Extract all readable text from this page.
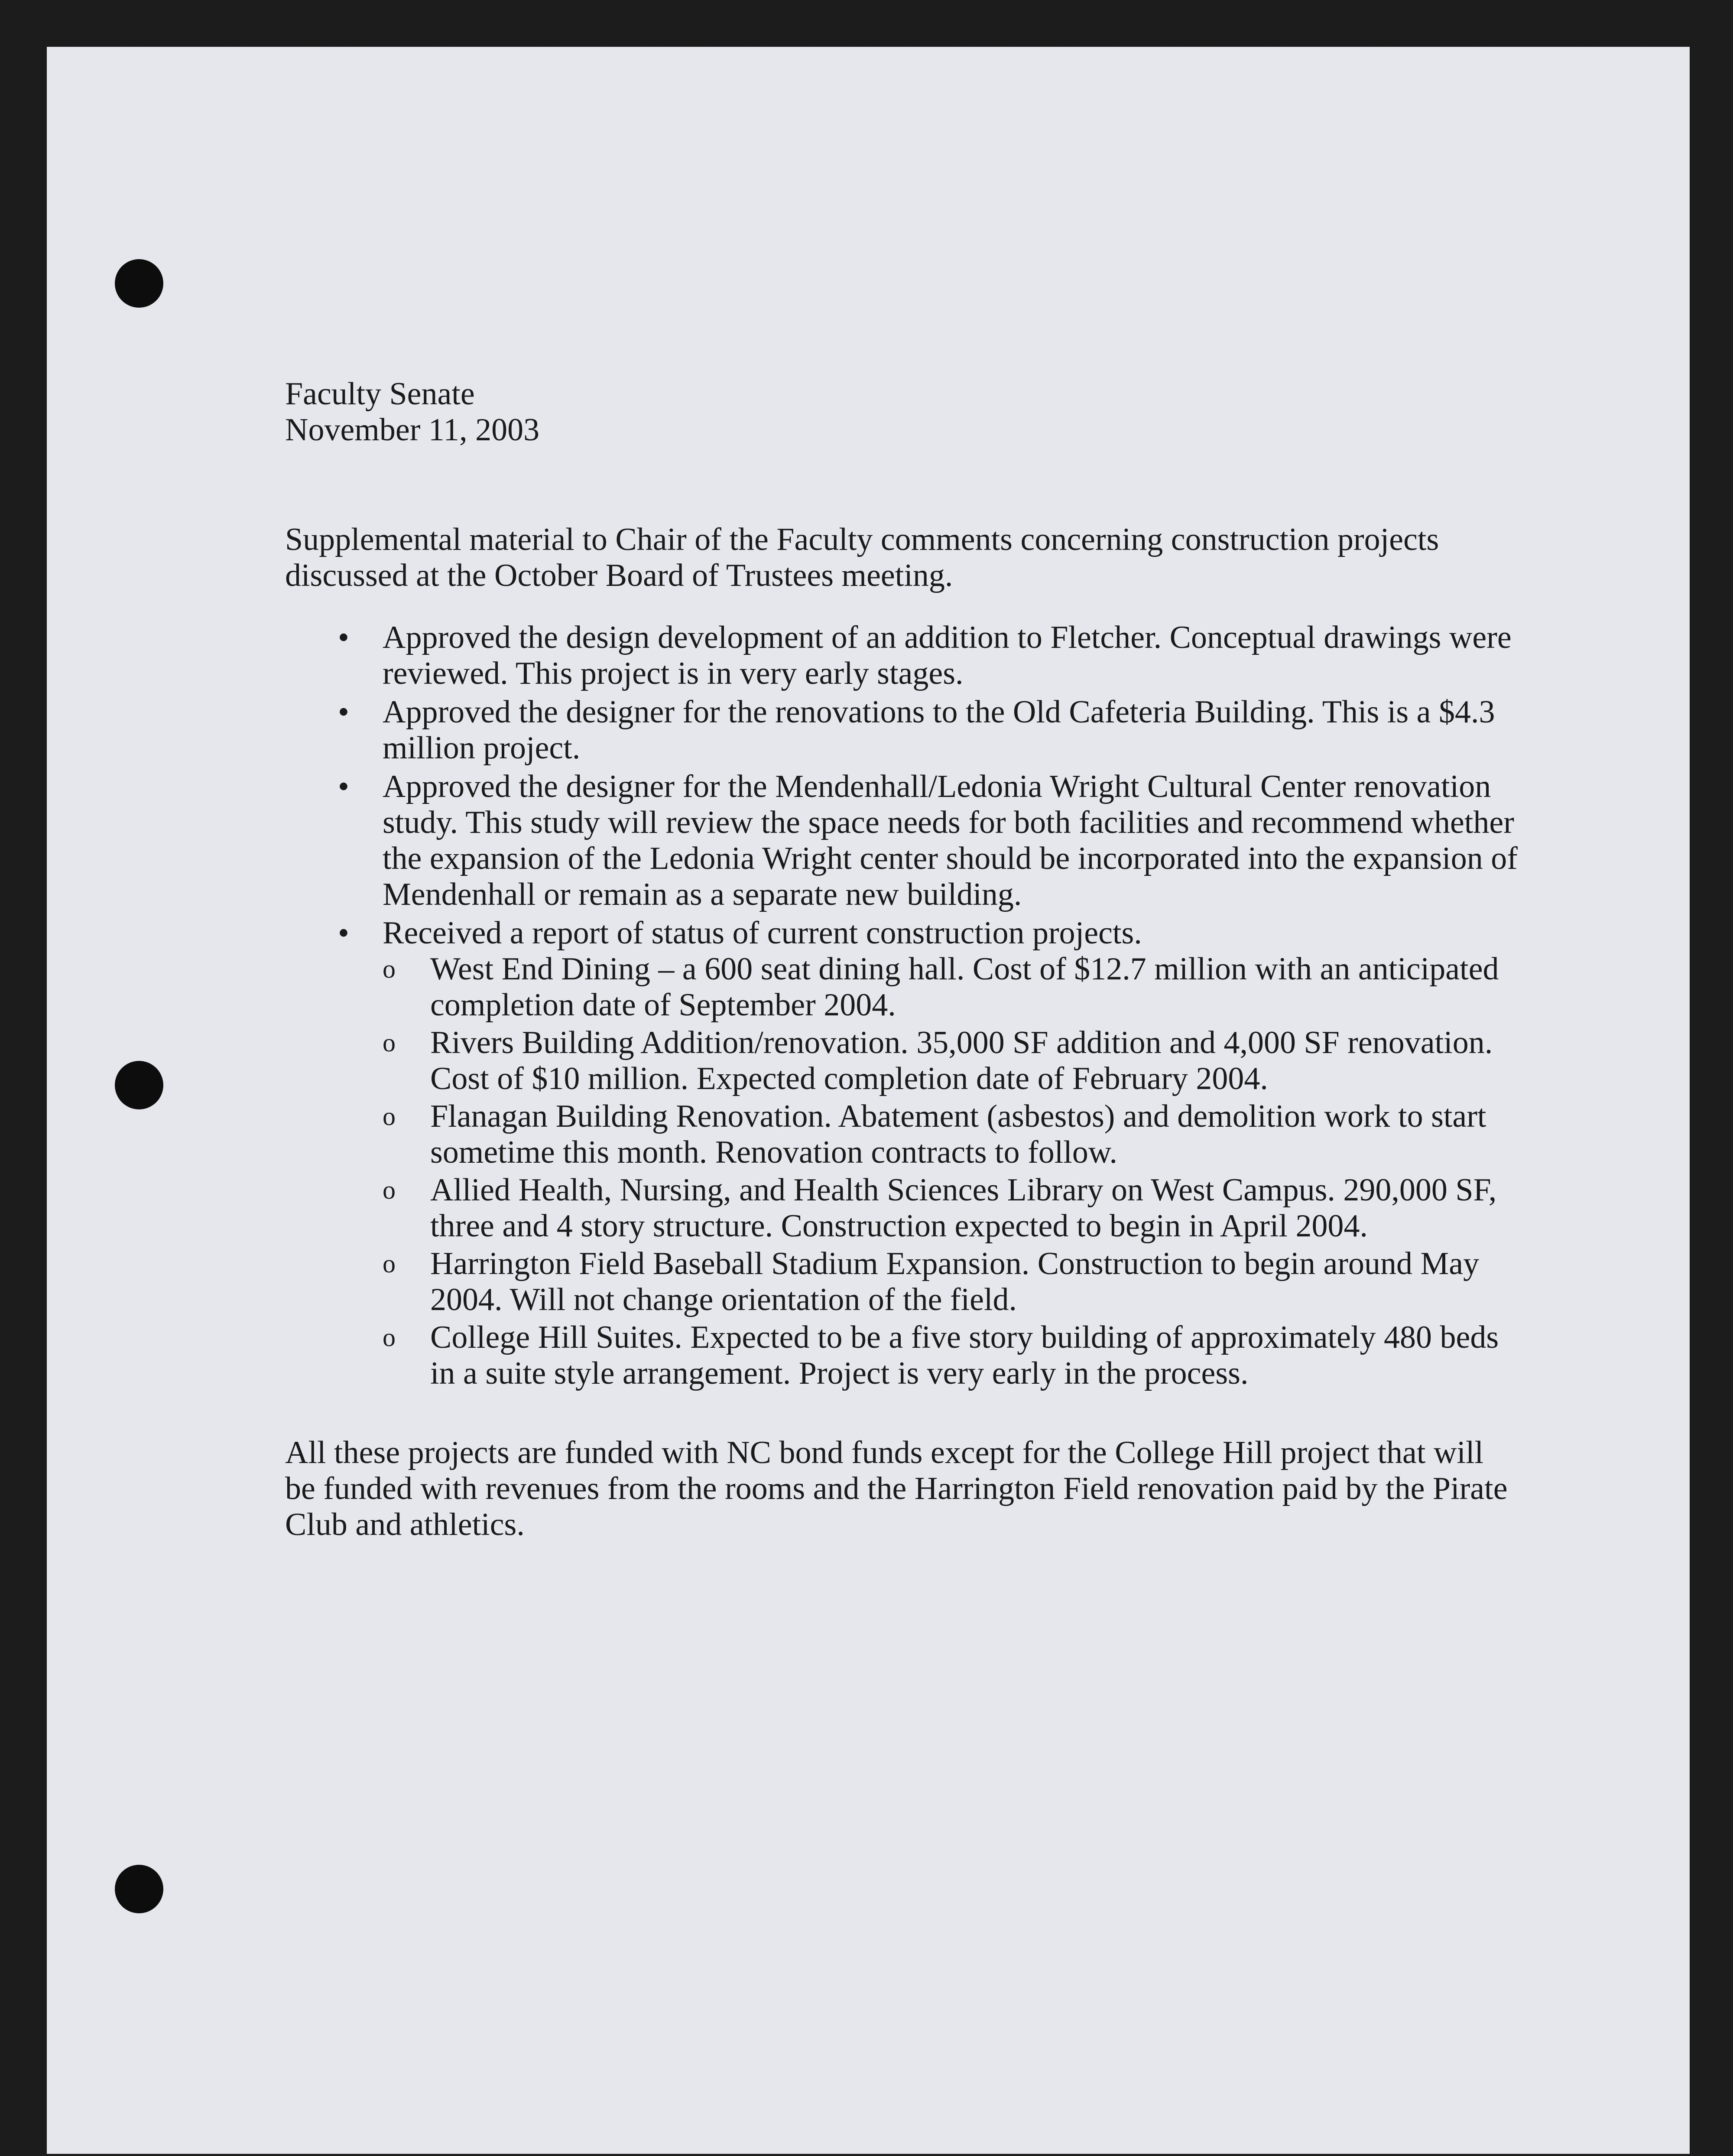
Faculty Senate
November 11, 2003

Supplemental material to Chair of the Faculty comments concerning construction projects discussed at the October Board of Trustees meeting.

• Approved the design development of an addition to Fletcher. Conceptual drawings were reviewed. This project is in very early stages.
• Approved the designer for the renovations to the Old Cafeteria Building. This is a $4.3 million project.
• Approved the designer for the Mendenhall/Ledonia Wright Cultural Center renovation study. This study will review the space needs for both facilities and recommend whether the expansion of the Ledonia Wright center should be incorporated into the expansion of Mendenhall or remain as a separate new building.
• Received a report of status of current construction projects.
o West End Dining – a 600 seat dining hall. Cost of $12.7 million with an anticipated completion date of September 2004.
o Rivers Building Addition/renovation. 35,000 SF addition and 4,000 SF renovation. Cost of $10 million. Expected completion date of February 2004.
o Flanagan Building Renovation. Abatement (asbestos) and demolition work to start sometime this month. Renovation contracts to follow.
o Allied Health, Nursing, and Health Sciences Library on West Campus. 290,000 SF, three and 4 story structure. Construction expected to begin in April 2004.
o Harrington Field Baseball Stadium Expansion. Construction to begin around May 2004. Will not change orientation of the field.
o College Hill Suites. Expected to be a five story building of approximately 480 beds in a suite style arrangement. Project is very early in the process.

All these projects are funded with NC bond funds except for the College Hill project that will be funded with revenues from the rooms and the Harrington Field renovation paid by the Pirate Club and athletics.
